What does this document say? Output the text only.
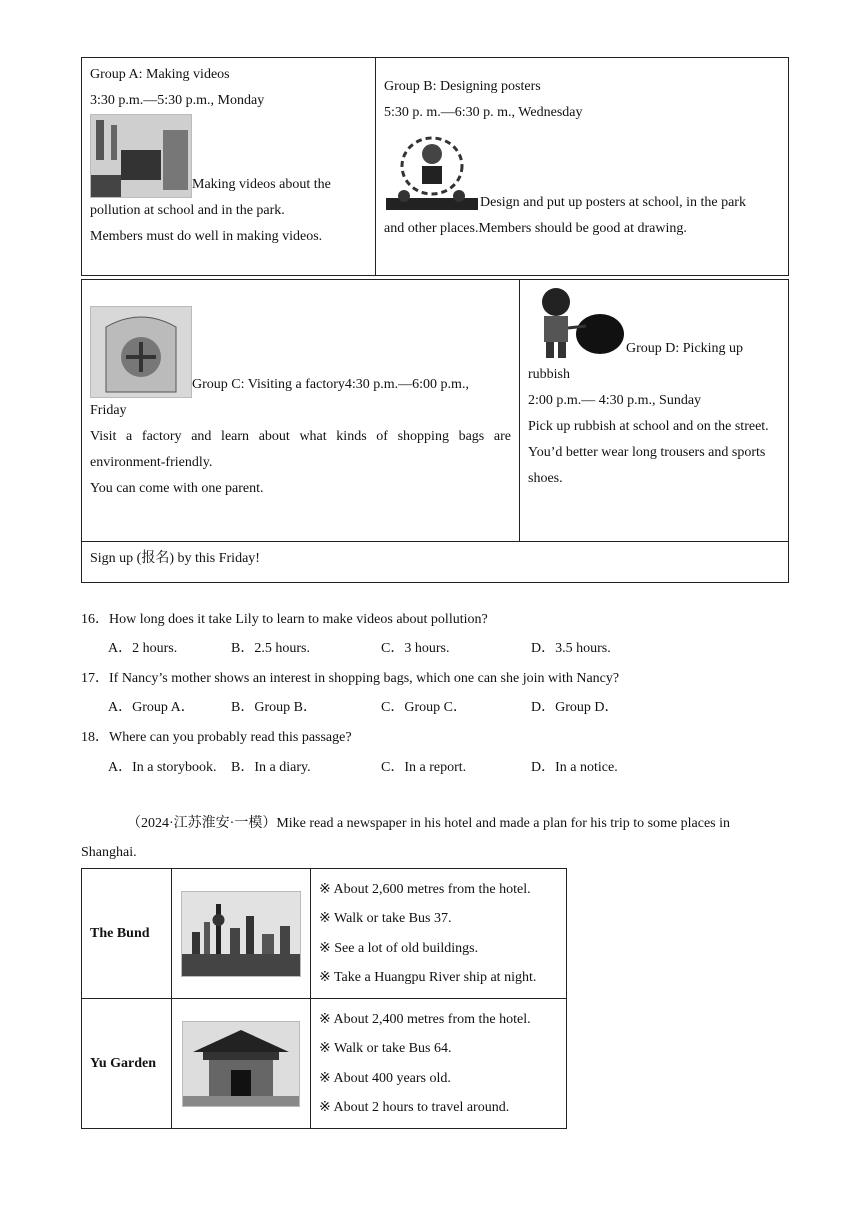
Group A: Making videos
3:30 p.m.—5:30 p.m., Monday
Making videos about the
pollution at school and in the park.
Members must do well in making videos.
Group B: Designing posters
5:30 p. m.—6:30 p. m., Wednesday
Design and put up posters at school, in the park
and other places.Members should be good at drawing.
Group C: Visiting a factory4:30 p.m.—6:00 p.m.,
Friday
Visit a factory and learn about what kinds of shopping bags are environment-friendly.
You can come with one parent.
Group D: Picking up
rubbish
2:00 p.m.— 4:30 p.m., Sunday
Pick up rubbish at school and on the street.
You’d better wear long trousers and sports shoes.
Sign up (报名) by this Friday!
16．How long does it take Lily to learn to make videos about pollution?
A．2 hours.	B．2.5 hours.	C．3 hours.	D．3.5 hours.
17．If Nancy’s mother shows an interest in shopping bags, which one can she join with Nancy?
A．Group A．	B．Group B．	C．Group C．	D．Group D．
18．Where can you probably read this passage?
A．In a storybook. B．In a diary.	C．In a report.	D．In a notice.
（2024·江苏淮安·一模）Mike read a newspaper in his hotel and made a plan for his trip to some places in
Shanghai.
The Bund		※ About 2,600 metres from the hotel.
※ Walk or take Bus 37.
※ See a lot of old buildings.
※ Take a Huangpu River ship at night.

Yu Garden		※ About 2,400 metres from the hotel.
※ Walk or take Bus 64.
※ About 400 years old.
※ About 2 hours to travel around.
